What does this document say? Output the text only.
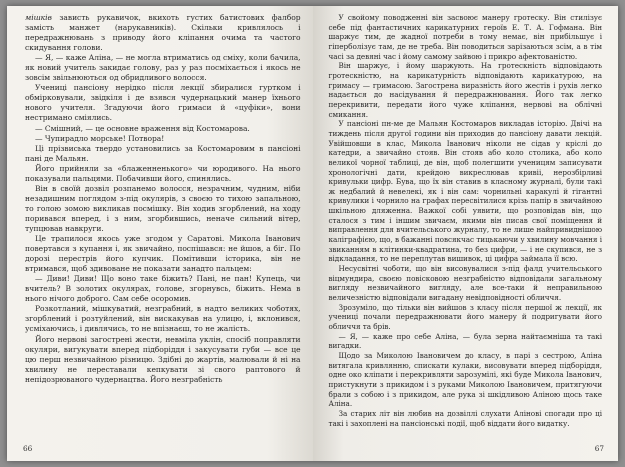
мішків зависть рукавичок, вкихоть густих батистових фалбор замість манжет (нарукавників). Скільки кривлялось і передражнювань з приводу його кліпання очима та частого скидування голови.

— Я, — каже Аліна, — не могла втриматись од сміху, коли бачила, як новий учитель закидає голову, раз у раз посміхається і якось не зовсім звільнюються од обридливого волосся.

Учениці пансіону нерідко після лекції збиралися гуртком і обмірковували, звідкіля і де взявся чудернацький манер їхнього нового учителя. Згадуючи його гримаси й «цуфіки», вони нестримано сміялись.

— Смішний, — це основне враження від Костомарова.

— Чупирадло морське! Потвора!

Ці прізвиська твердо установились за Костомаровим в пансіоні пані де Мальян.

Його прийняли за «блаженненького» чи юродивого. На нього показували пальцями. Побачивши його, спинялись.

Він в своїй дозвіл розпанемо волосся, незрачним, чудним, ніби незадишним поглядом з-під окулярів, з своєю то тихою запальною, то голою зомою викликав посмішку. Він ходив згорблений, на ходу поривався вперед, і з ним, згорбившись, неначе сильний вітер, тупцював навкруги.

Це трапилося якось уже згодом у Саратові. Микола Іванович повертався з купання і, як звичайно, поспішався: не йшов, а біг. По дорозі перестрів його купчик. Помітивши історика, він не втримався, щоб здивоване не показати занадто пальцем:

— Диви! Диви! Що воно таке біжить? Пані, не пан! Купець, чи вчитель? В золотих окулярах, голове, згорнувсь, біжить. Нема в нього нічого доброго. Сам себе осоромив.

Розкотланий, мішкуватий, незграбний, в надто великих чоботях, згорблений і розтуйлений, він вискакував на улицю, і, вклонився, усміхаючись, і дивлячись, то не впізнаєш, то не жалість.

Його нервові загострені жести, невміла уклін, спосіб поправляти окуляри, вигукувати вперед підборіддя і закусувати губи — все це цю перш незвичайною різницю. Здібні до жартів, малювали й ні на хвилину не переставали кепкувати зі свого раптового й непідозрюваного чудернацтва. Його незграбність

66

У свойому поводженні він засвоює манеру гротеску. Він стилізує себе під фантастичних карикатурних героїв Е. Т. А. Гофмана. Він шаржує тим, де жадної потреби в тому немає, він прибільшує і гіперболізує там, де не треба. Він поводиться зарізаються зсім, а в тім часі за девяні час і йому самому зайвою і прикро афектованістю.

Він шаржує, і йому шаржують. На гротескність відповідають гротескністю, на карикатурність відповідають карикатурою, на гримасу — гримасою. Загострена виразність його жестів і рухів легко надається до насідування й передражнювання. Його так легко перекривити, передати його чуже кліпання, нервові на облічні смикання.

У пансіоні пн-ме де Мальян Костомаров викладав історію. Двічі на тиждень після другої години він приходив до пансіону давати лекцій. Увійшовши в клас, Микола Іванович ніколи не сідав у кріслі до катедри, а звичайно стояв. Він стояв або коло столика, або коло великої чорної таблиці, де він, щоб полегшити ученицям записувати хронологічні дати, крейдою викреслював кривіі, нерозбірливі кривульки цифр. Бува, що їх він ставив в класному журналі, були такі ж недбалий й невелекі, як і він сам: чорнильні каракулі й гігантні кривулики і чорнило на графах пересвітилися крізь папір в звичайною шкільною дляженна. Важкої собі уявити, що розповідав він, що сталося з тим і іншим звичаєм, якими він писав свої поміщення й виправлення для вчительського журналу, то не лише найпривиднішою каліграфією, що, в бажанні повсякчас тицькаючи у хвилину мовчання і звиканням в клітинки-квадратина, то без цифри, — і не скупився, не з відкладання, то не переплутав вишивок, ці цифра займала її всю.

Несусвітні чоботи, що він висовувалися з-під фалд учительського віцмундира, своєю повісковою незграбністю відповідали загальному вигляду незвичайного вигляду, але все-таки й неправильною величезністю відповідали вигадану невідповідності обличчя.

Зрозуміло, що тільки він вийшов з класу після першої ж лекції, як учениці почали передражнювати його манеру й подригувати його обличчя та брів.

— Я, — каже про себе Аліна, — була зерна найтаємніша та такі вигадки.

Щодо за Миколою Івановичем до класу, в парі з сестрою, Аліна витягала кривлянню, спискати кулаки, висовувати вперед підборіддя, одне око кліпати і перекривляти зарозумілі, які буде Микола Іванович, пристукнути з прикидом і з руками Миколою Івановичем, притягуючи брали з собою і з прикидом, але рука зі шкідливою Аліною щось таке Аліна.

За старих літ він любив на дозвіллі слухати Алінові спогади про ці такі і захоплені на пансіонські події, щоб віддати його видатку.

67
